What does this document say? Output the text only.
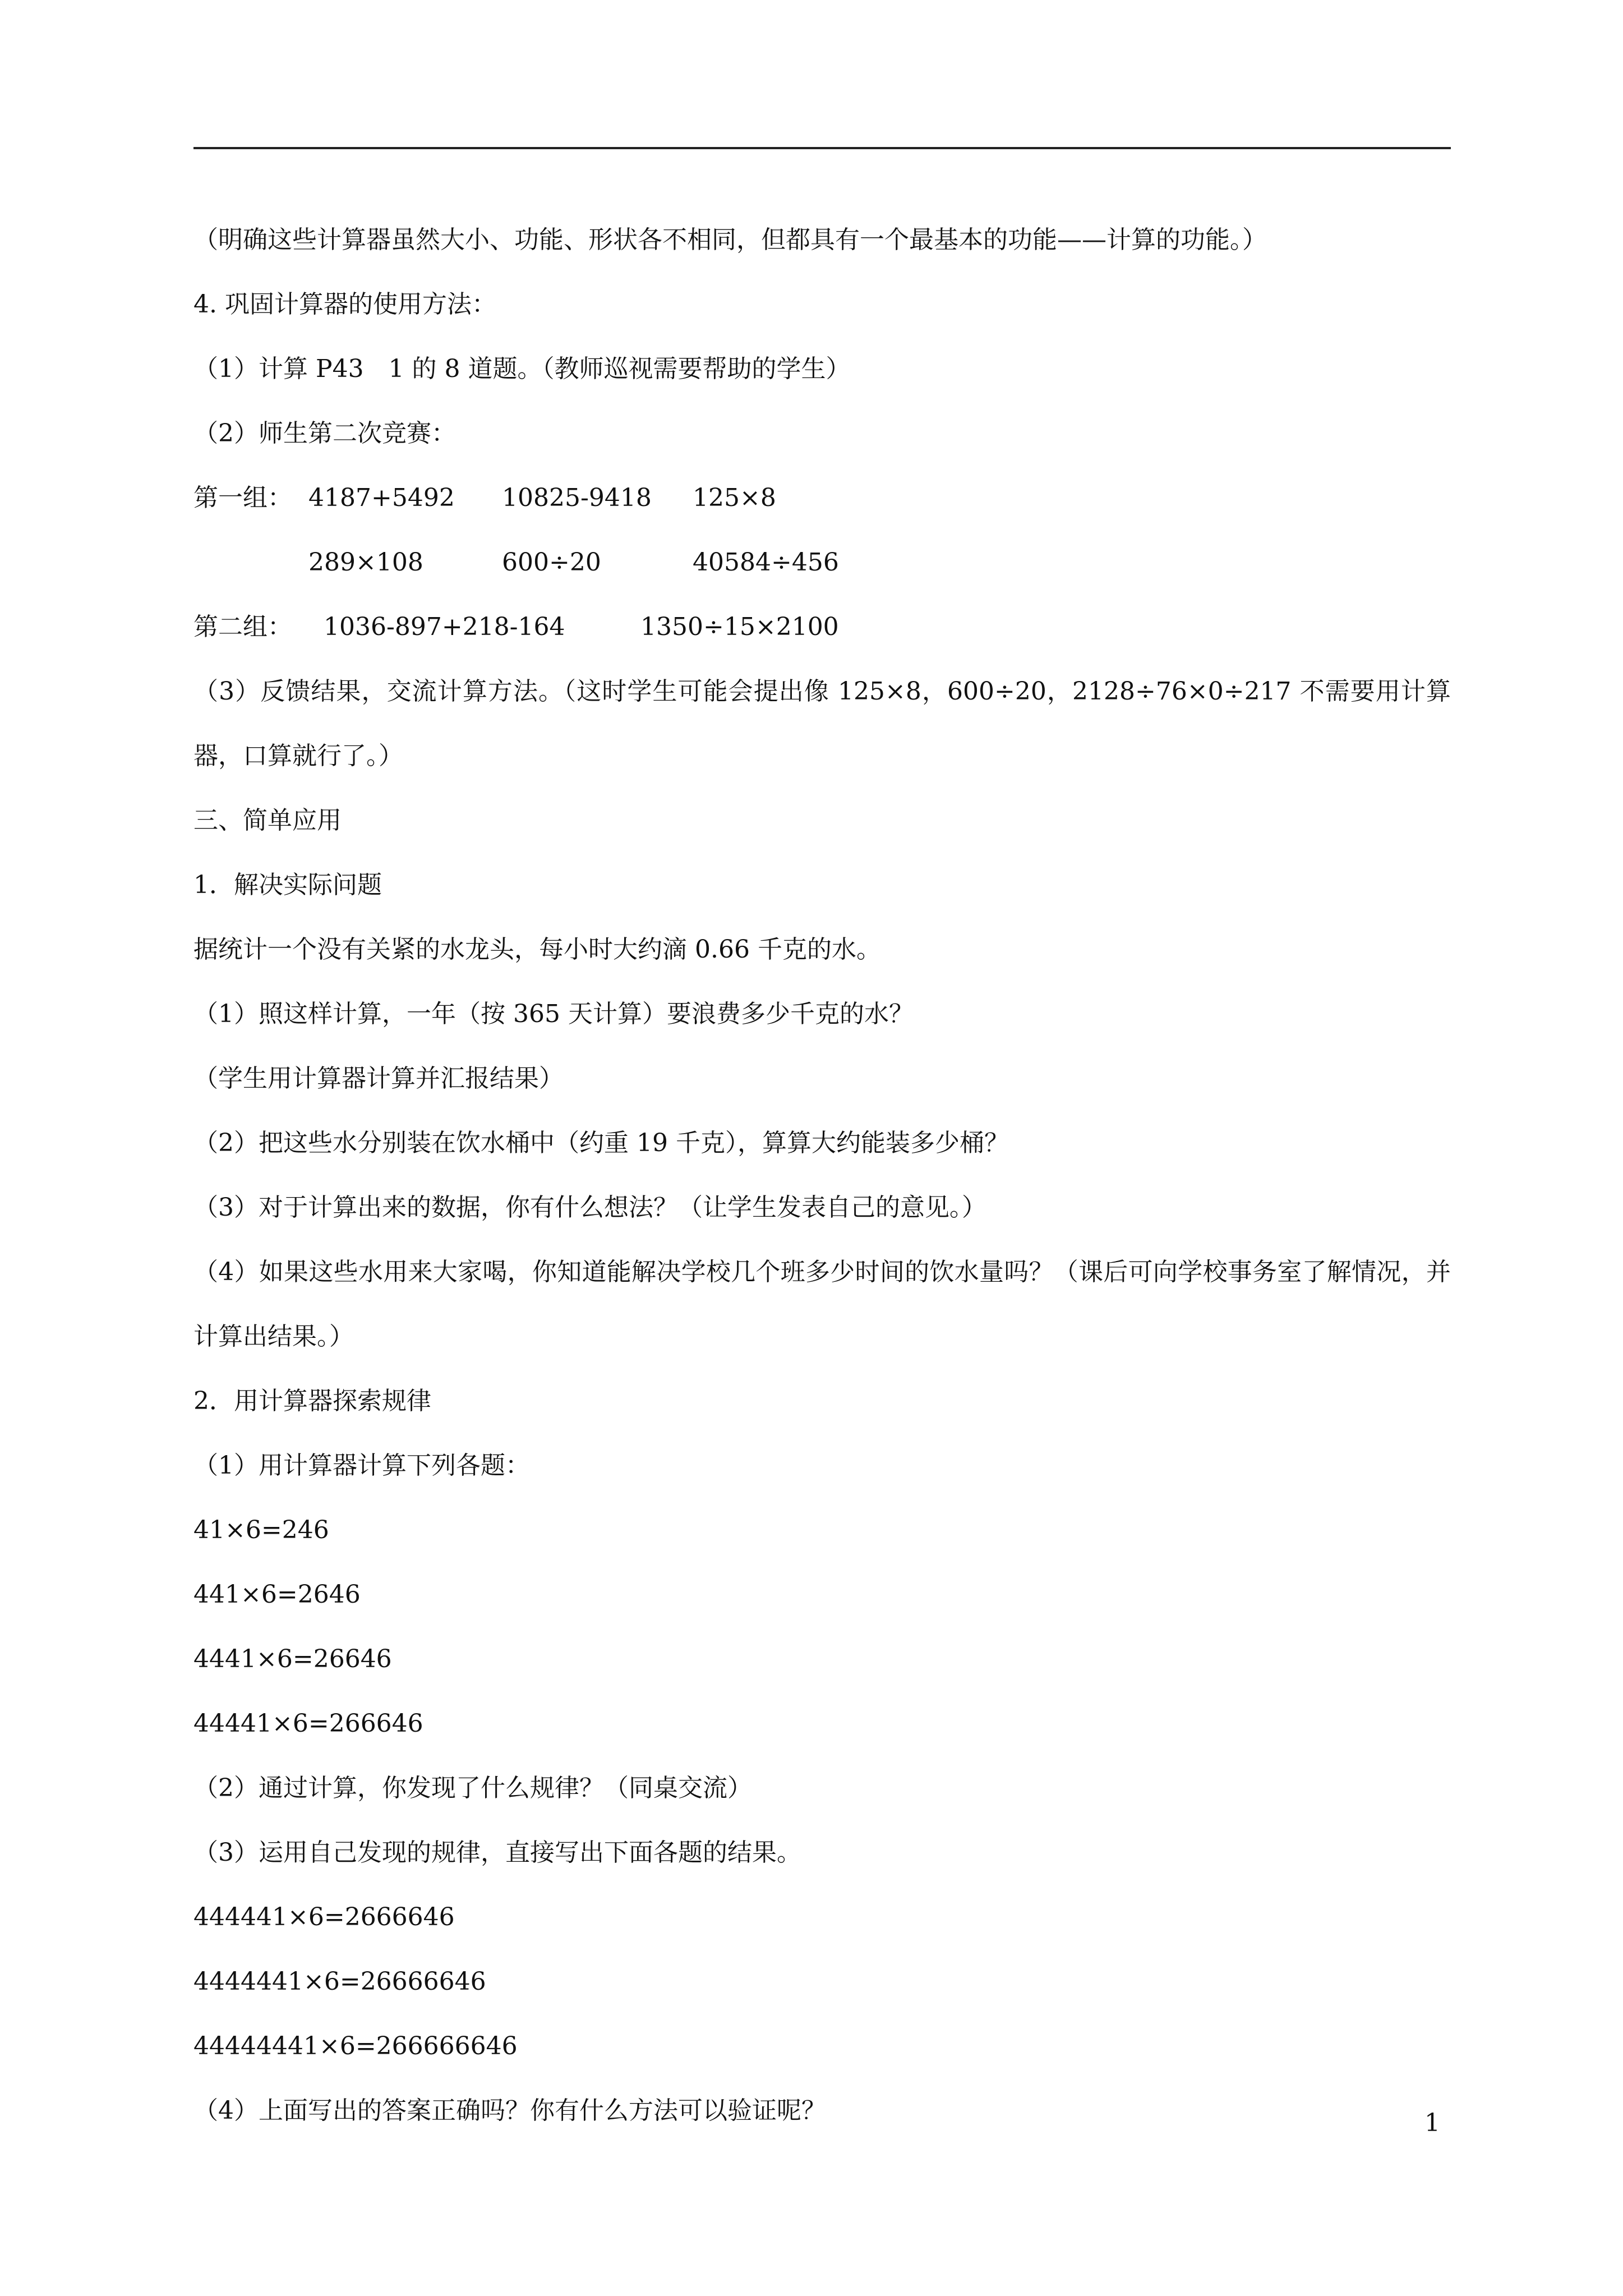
（明确这些计算器虽然大小、功能、形状各不相同，但都具有一个最基本的功能——计算的功能。）
4. 巩固计算器的使用方法：
（1）计算 P43　1 的 8 道题。（教师巡视需要帮助的学生）
（2）师生第二次竞赛：
第一组： 4187+5492	10825-9418	125×8
289×108	600÷20	40584÷456
第二组：	1036-897+218-164	1350÷15×2100
（3）反馈结果，交流计算方法。（这时学生可能会提出像 125×8，600÷20，2128÷76×0÷217 不需要用计算器，口算就行了。）
三、简单应用
1．解决实际问题
据统计一个没有关紧的水龙头，每小时大约滴 0.66 千克的水。
（1）照这样计算，一年（按 365 天计算）要浪费多少千克的水？
（学生用计算器计算并汇报结果）
（2）把这些水分别装在饮水桶中（约重 19 千克），算算大约能装多少桶？
（3）对于计算出来的数据，你有什么想法？（让学生发表自己的意见。）
（4）如果这些水用来大家喝，你知道能解决学校几个班多少时间的饮水量吗？（课后可向学校事务室了解情况，并计算出结果。）
2．用计算器探索规律
（1）用计算器计算下列各题：
41×6=246
441×6=2646
4441×6=26646
44441×6=266646
（2）通过计算，你发现了什么规律？（同桌交流）
（3）运用自己发现的规律，直接写出下面各题的结果。
444441×6=2666646
4444441×6=26666646
44444441×6=266666646
（4）上面写出的答案正确吗？你有什么方法可以验证呢？	1
